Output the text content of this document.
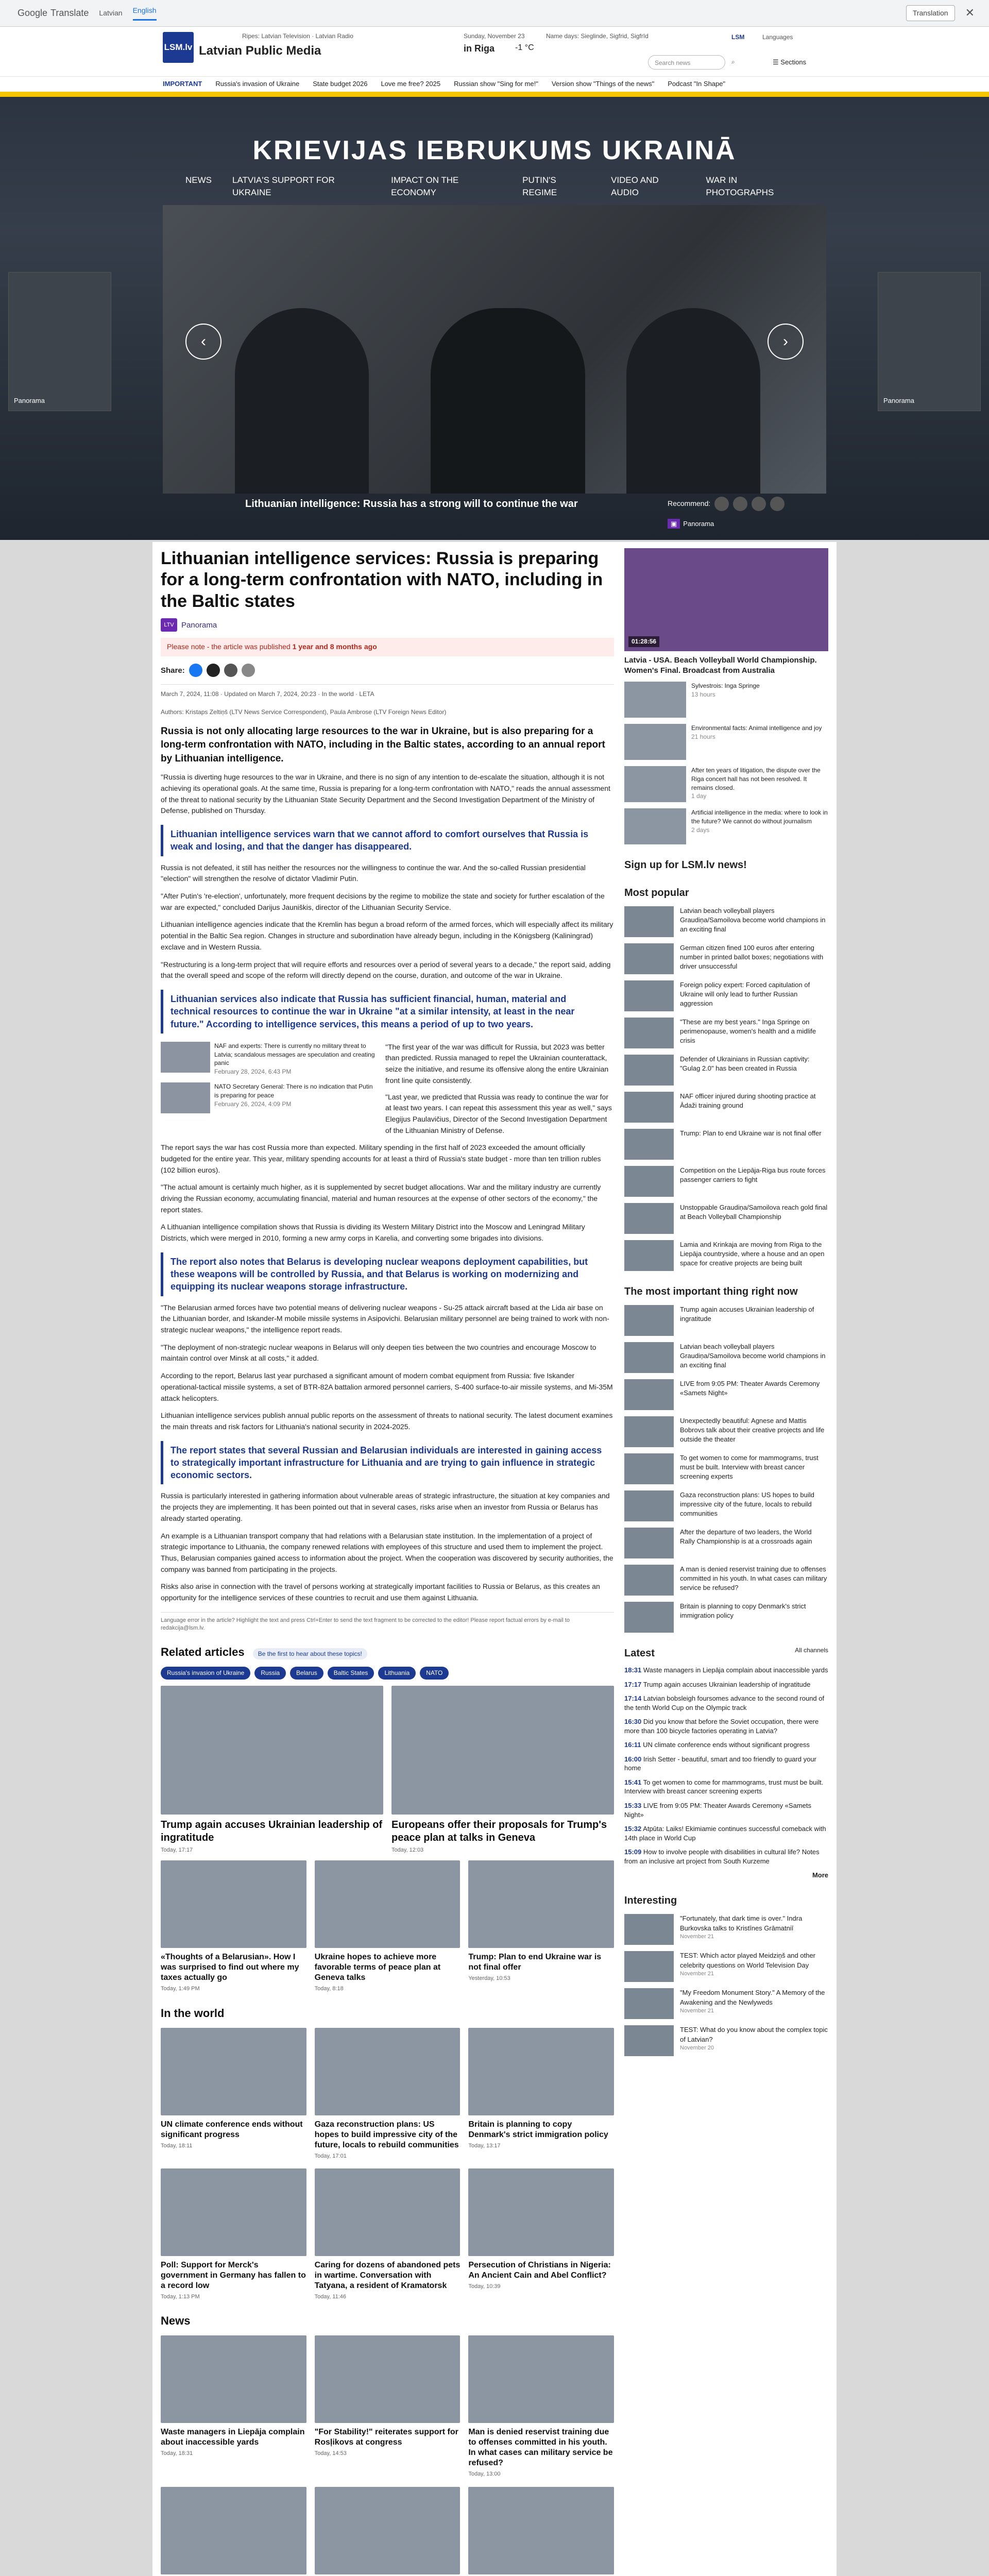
Google Translate Latvian English	Translation	✕
LSM.lv Latvian Public Media
Ripes: Latvian Television · Latvian Radio	Sunday, November 23	Name days: Sieglinde, Sigfrid, Sigfrīd
in Riga -1 °C
LSM	Languages
Search news	⌕	☰ Sections
IMPORTANT Russia's invasion of Ukraine State budget 2026 Love me free? 2025 Russian show "Sing for me!" Version show "Things of the news" Podcast "In Shape"
KRIEVIJAS IEBRUKUMS UKRAINĀ
NEWS LATVIA'S SUPPORT FOR UKRAINE
IMPACT ON THE ECONOMY
PUTIN'S REGIME
VIDEO AND AUDIO
WAR IN PHOTOGRAPHS
Panorama	Panorama
‹	›
Lithuanian intelligence: Russia has a strong will to continue the war	Recommend:
▣ Panorama
Lithuanian intelligence services: Russia is preparing for a long-term confrontation with NATO, including in the Baltic states
LTV Panorama
Please note - the article was published 1 year and 8 months ago
Share:
March 7, 2024, 11:08 · Updated on March 7, 2024, 20:23 · In the world · LETA
Authors: Kristaps Zeltiņš (LTV News Service Correspondent), Paula Ambrose (LTV Foreign News Editor)
Russia is not only allocating large resources to the war in Ukraine, but is also preparing for a long-term confrontation with NATO, including in the Baltic states, according to an annual report by Lithuanian intelligence.
"Russia is diverting huge resources to the war in Ukraine, and there is no sign of any intention to de-escalate the situation, although it is not achieving its operational goals. At the same time, Russia is preparing for a long-term confrontation with NATO," reads the annual assessment of the threat to national security by the Lithuanian State Security Department and the Second Investigation Department of the Ministry of Defense, published on Thursday.
Lithuanian intelligence services warn that we cannot afford to comfort ourselves that Russia is weak and losing, and that the danger has disappeared.
Russia is not defeated, it still has neither the resources nor the willingness to continue the war. And the so-called Russian presidential "election" will strengthen the resolve of dictator Vladimir Putin.
"After Putin's 're-election', unfortunately, more frequent decisions by the regime to mobilize the state and society for further escalation of the war are expected," concluded Darijus Jauniškis, director of the Lithuanian Security Service.
Lithuanian intelligence agencies indicate that the Kremlin has begun a broad reform of the armed forces, which will especially affect its military potential in the Baltic Sea region. Changes in structure and subordination have already begun, including in the Königsberg (Kaliningrad) exclave and in Western Russia.
"Restructuring is a long-term project that will require efforts and resources over a period of several years to a decade," the report said, adding that the overall speed and scope of the reform will directly depend on the course, duration, and outcome of the war in Ukraine.
Lithuanian services also indicate that Russia has sufficient financial, human, material and technical resources to continue the war in Ukraine "at a similar intensity, at least in the near future." According to intelligence services, this means a period of up to two years.
NAF and experts: There is currently no military threat to Latvia; scandalous messages are speculation and creating panic
February 28, 2024, 6:43 PM
NATO Secretary General: There is no indication that Putin is preparing for peace
February 26, 2024, 4:09 PM
"The first year of the war was difficult for Russia, but 2023 was better than predicted. Russia managed to repel the Ukrainian counterattack, seize the initiative, and resume its offensive along the entire Ukrainian front line quite consistently.
"Last year, we predicted that Russia was ready to continue the war for at least two years. I can repeat this assessment this year as well," says Elegijus Paulavičius, Director of the Second Investigation Department of the Lithuanian Ministry of Defense.
The report says the war has cost Russia more than expected. Military spending in the first half of 2023 exceeded the amount officially budgeted for the entire year. This year, military spending accounts for at least a third of Russia's state budget - more than ten trillion rubles (102 billion euros).
"The actual amount is certainly much higher, as it is supplemented by secret budget allocations. War and the military industry are currently driving the Russian economy, accumulating financial, material and human resources at the expense of other sectors of the economy," the report states.
A Lithuanian intelligence compilation shows that Russia is dividing its Western Military District into the Moscow and Leningrad Military Districts, which were merged in 2010, forming a new army corps in Karelia, and converting some brigades into divisions.
The report also notes that Belarus is developing nuclear weapons deployment capabilities, but these weapons will be controlled by Russia, and that Belarus is working on modernizing and equipping its nuclear weapons storage infrastructure.
"The Belarusian armed forces have two potential means of delivering nuclear weapons - Su-25 attack aircraft based at the Lida air base on the Lithuanian border, and Iskander-M mobile missile systems in Asipovichi. Belarusian military personnel are being trained to work with non-strategic nuclear weapons," the intelligence report reads.
"The deployment of non-strategic nuclear weapons in Belarus will only deepen ties between the two countries and encourage Moscow to maintain control over Minsk at all costs," it added.
According to the report, Belarus last year purchased a significant amount of modern combat equipment from Russia: five Iskander operational-tactical missile systems, a set of BTR-82A battalion armored personnel carriers, S-400 surface-to-air missile systems, and Mi-35M attack helicopters.
Lithuanian intelligence services publish annual public reports on the assessment of threats to national security. The latest document examines the main threats and risk factors for Lithuania's national security in 2024-2025.
The report states that several Russian and Belarusian individuals are interested in gaining access to strategically important infrastructure for Lithuania and are trying to gain influence in strategic economic sectors.
Russia is particularly interested in gathering information about vulnerable areas of strategic infrastructure, the situation at key companies and the projects they are implementing. It has been pointed out that in several cases, risks arise when an investor from Russia or Belarus has already started operating.
An example is a Lithuanian transport company that had relations with a Belarusian state institution. In the implementation of a project of strategic importance to Lithuania, the company renewed relations with employees of this structure and used them to implement the project. Thus, Belarusian companies gained access to information about the project. When the cooperation was discovered by security authorities, the company was banned from participating in the projects.
Risks also arise in connection with the travel of persons working at strategically important facilities to Russia or Belarus, as this creates an opportunity for the intelligence services of these countries to recruit and use them against Lithuania.
Language error in the article? Highlight the text and press Ctrl+Enter to send the text fragment to be corrected to the editor! Please report factual errors by e-mail to redakcija@lsm.lv.
Related articles Be the first to hear about these topics!
Russia's invasion of Ukraine	Russia	Belarus	Baltic States	Lithuania	NATO
Trump again accuses Ukrainian leadership of ingratitude
Today, 17:17
Europeans offer their proposals for Trump's peace plan at talks in Geneva
Today, 12:03
«Thoughts of a Belarusian». How I was surprised to find out where my taxes actually go
Today, 1:49 PM
Ukraine hopes to achieve more favorable terms of peace plan at Geneva talks
Today, 8:18
Trump: Plan to end Ukraine war is not final offer
Yesterday, 10:53
In the world
UN climate conference ends without significant progress
Today, 18:11
Gaza reconstruction plans: US hopes to build impressive city of the future, locals to rebuild communities
Today, 17:01
Britain is planning to copy Denmark's strict immigration policy
Today, 13:17
Poll: Support for Merck's government in Germany has fallen to a record low
Today, 1:13 PM
Caring for dozens of abandoned pets in wartime. Conversation with Tatyana, a resident of Kramatorsk
Today, 11:46
Persecution of Christians in Nigeria: An Ancient Cain and Abel Conflict?
Today, 10:39
News
Waste managers in Liepāja complain about inaccessible yards
Today, 18:31
"For Stability!" reiterates support for Rosļikovs at congress
Today, 14:53
Man is denied reservist training due to offenses committed in his youth. In what cases can military service be refused?
Today, 13:00
01:28:56
Latvia - USA. Beach Volleyball World Championship. Women's Final. Broadcast from Australia
Sylvestrois: Inga Springe
13 hours
Environmental facts: Animal intelligence and joy
21 hours
After ten years of litigation, the dispute over the Riga concert hall has not been resolved. It remains closed.
1 day
Artificial intelligence in the media: where to look in the future? We cannot do without journalism
2 days
Sign up for LSM.lv news!
Most popular
Latvian beach volleyball players Graudiņa/Samoilova become world champions in an exciting final
German citizen fined 100 euros after entering number in printed ballot boxes; negotiations with driver unsuccessful
Foreign policy expert: Forced capitulation of Ukraine will only lead to further Russian aggression
"These are my best years." Inga Springe on perimenopause, women's health and a midlife crisis
Defender of Ukrainians in Russian captivity: "Gulag 2.0" has been created in Russia
NAF officer injured during shooting practice at Ādaži training ground
Trump: Plan to end Ukraine war is not final offer
Competition on the Liepāja-Riga bus route forces passenger carriers to fight
Unstoppable Graudiņa/Samoilova reach gold final at Beach Volleyball Championship
Lamia and Krinkaja are moving from Riga to the Liepāja countryside, where a house and an open space for creative projects are being built
The most important thing right now
Trump again accuses Ukrainian leadership of ingratitude
Latvian beach volleyball players Graudiņa/Samoilova become world champions in an exciting final
LIVE from 9:05 PM: Theater Awards Ceremony «Samets Night»
Unexpectedly beautiful: Agnese and Mattis Bobrovs talk about their creative projects and life outside the theater
To get women to come for mammograms, trust must be built. Interview with breast cancer screening experts
Gaza reconstruction plans: US hopes to build impressive city of the future, locals to rebuild communities
After the departure of two leaders, the World Rally Championship is at a crossroads again
A man is denied reservist training due to offenses committed in his youth. In what cases can military service be refused?
Britain is planning to copy Denmark's strict immigration policy
Latest	All channels
18:31 Waste managers in Liepāja complain about inaccessible yards
17:17 Trump again accuses Ukrainian leadership of ingratitude
17:14 Latvian bobsleigh foursomes advance to the second round of the tenth World Cup on the Olympic track
16:30 Did you know that before the Soviet occupation, there were more than 100 bicycle factories operating in Latvia?
16:11 UN climate conference ends without significant progress
16:00 Irish Setter - beautiful, smart and too friendly to guard your home
15:41 To get women to come for mammograms, trust must be built. Interview with breast cancer screening experts
15:33 LIVE from 9:05 PM: Theater Awards Ceremony «Samets Night»
15:32 Atpūta: Laiks! Ekimiamie continues successful comeback with 14th place in World Cup
15:09 How to involve people with disabilities in cultural life? Notes from an inclusive art project from South Kurzeme
More
Interesting
"Fortunately, that dark time is over." Indra Burkovska talks to Kristīnes Grāmatniī
November 21
TEST: Which actor played Meidziņš and other celebrity questions on World Television Day
November 21
"My Freedom Monument Story." A Memory of the Awakening and the Newlyweds
November 21
TEST: What do you know about the complex topic of Latvian?
November 20
